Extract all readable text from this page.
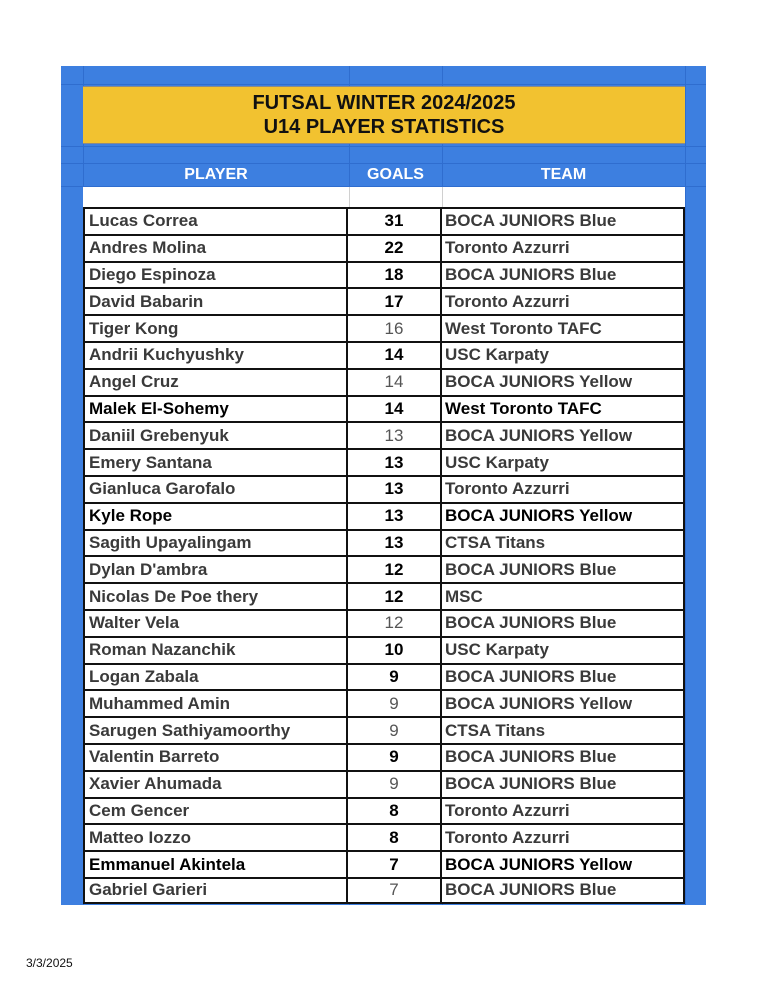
FUTSAL WINTER 2024/2025
U14 PLAYER STATISTICS
PLAYER	GOALS	TEAM
Lucas Correa	31	BOCA JUNIORS Blue
Andres Molina	22	Toronto Azzurri
Diego Espinoza	18	BOCA JUNIORS Blue
David Babarin	17	Toronto Azzurri
Tiger Kong	16	West Toronto TAFC
Andrii Kuchyushky	14	USC Karpaty
Angel Cruz	14	BOCA JUNIORS Yellow
Malek El-Sohemy	14	West Toronto TAFC
Daniil Grebenyuk	13	BOCA JUNIORS Yellow
Emery Santana	13	USC Karpaty
Gianluca Garofalo	13	Toronto Azzurri
Kyle Rope	13	BOCA JUNIORS Yellow
Sagith Upayalingam	13	CTSA Titans
Dylan D'ambra	12	BOCA JUNIORS Blue
Nicolas De Poe thery	12	MSC
Walter Vela	12	BOCA JUNIORS Blue
Roman Nazanchik	10	USC Karpaty
Logan Zabala	9	BOCA JUNIORS Blue
Muhammed Amin	9	BOCA JUNIORS Yellow
Sarugen Sathiyamoorthy	9	CTSA Titans
Valentin Barreto	9	BOCA JUNIORS Blue
Xavier Ahumada	9	BOCA JUNIORS Blue
Cem Gencer	8	Toronto Azzurri
Matteo Iozzo	8	Toronto Azzurri
Emmanuel Akintela	7	BOCA JUNIORS Yellow
Gabriel Garieri	7	BOCA JUNIORS Blue
3/3/2025
